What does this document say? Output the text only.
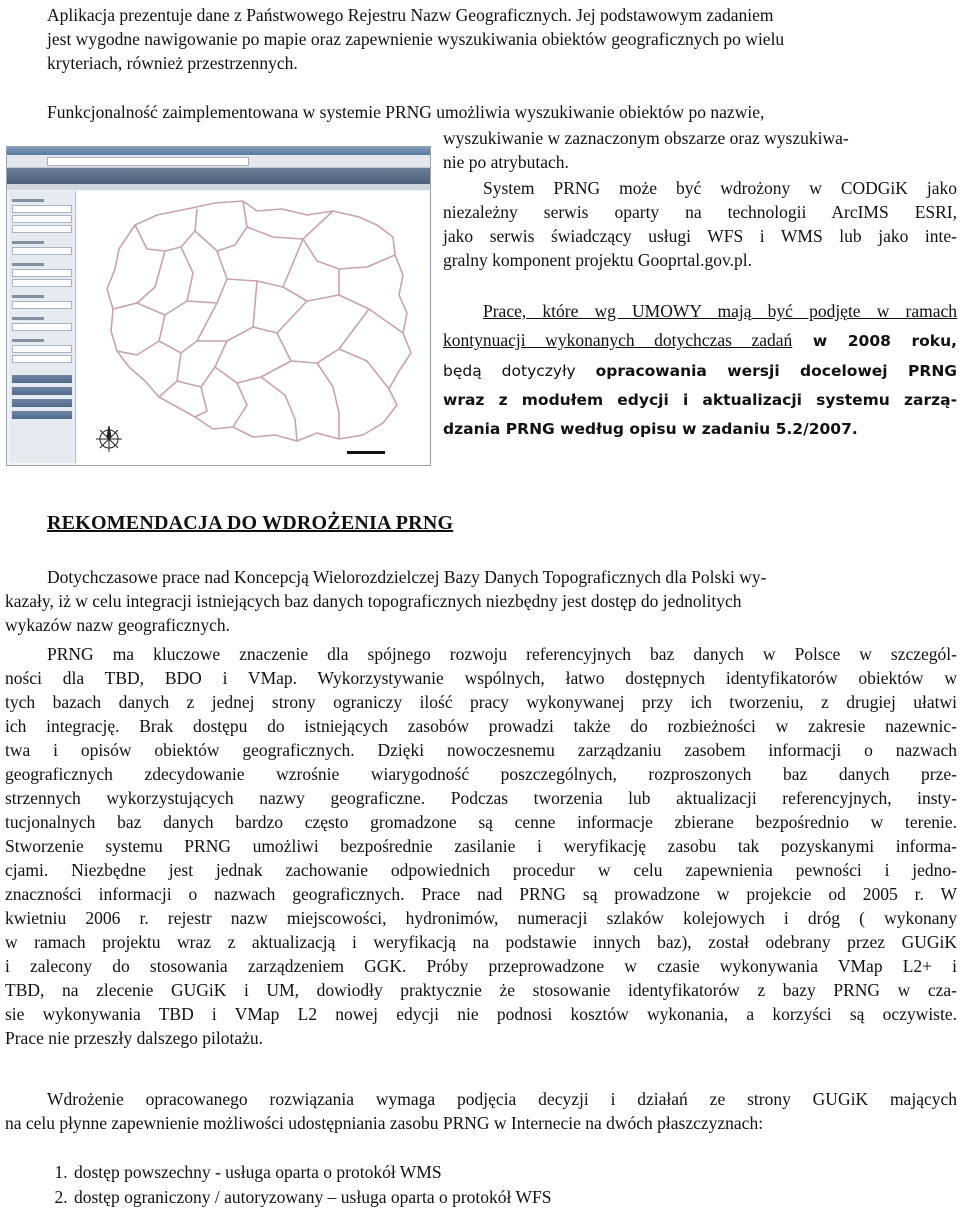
Aplikacja prezentuje dane z Państwowego Rejestru Nazw Geograficznych. Jej podstawowym zadaniem
jest wygodne nawigowanie po mapie oraz zapewnienie wyszukiwania obiektów geograficznych po wielu
kryteriach, również przestrzennych.
Funkcjonalność zaimplementowana w systemie PRNG umożliwia wyszukiwanie obiektów po nazwie,
wyszukiwanie w zaznaczonym obszarze oraz wyszukiwa-
nie po atrybutach.
System PRNG może być wdrożony w CODGiK jako
niezależny serwis oparty na technologii ArcIMS ESRI,
jako serwis świadczący usługi WFS i WMS lub jako inte-
gralny komponent projektu Gooprtal.gov.pl.
Prace, które wg UMOWY mają być podjęte w ramach
kontynuacji wykonanych dotychczas zadań w 2008 roku,
będą dotyczyły opracowania wersji docelowej PRNG
wraz z modułem edycji i aktualizacji systemu zarzą-
dzania PRNG według opisu w zadaniu 5.2/2007.
REKOMENDACJA DO WDROŻENIA PRNG
Dotychczasowe prace nad Koncepcją Wielorozdzielczej Bazy Danych Topograficznych dla Polski wy-
kazały, iż w celu integracji istniejących baz danych topograficznych niezbędny jest dostęp do jednolitych
wykazów nazw geograficznych.
PRNG ma kluczowe znaczenie dla spójnego rozwoju referencyjnych baz danych w Polsce w szczegól-
ności dla TBD, BDO i VMap. Wykorzystywanie wspólnych, łatwo dostępnych identyfikatorów obiektów w
tych bazach danych z jednej strony ograniczy ilość pracy wykonywanej przy ich tworzeniu, z drugiej ułatwi
ich integrację. Brak dostępu do istniejących zasobów prowadzi także do rozbieżności w zakresie nazewnic-
twa i opisów obiektów geograficznych. Dzięki nowoczesnemu zarządzaniu zasobem informacji o nazwach
geograficznych zdecydowanie wzrośnie wiarygodność poszczególnych, rozproszonych baz danych prze-
strzennych wykorzystujących nazwy geograficzne. Podczas tworzenia lub aktualizacji referencyjnych, insty-
tucjonalnych baz danych bardzo często gromadzone są cenne informacje zbierane bezpośrednio w terenie.
Stworzenie systemu PRNG umożliwi bezpośrednie zasilanie i weryfikację zasobu tak pozyskanymi informa-
cjami. Niezbędne jest jednak zachowanie odpowiednich procedur w celu zapewnienia pewności i jedno-
znaczności informacji o nazwach geograficznych. Prace nad PRNG są prowadzone w projekcie od 2005 r. W
kwietniu 2006 r. rejestr nazw miejscowości, hydronimów, numeracji szlaków kolejowych i dróg ( wykonany
w ramach projektu wraz z aktualizacją i weryfikacją na podstawie innych baz), został odebrany przez GUGiK
i zalecony do stosowania zarządzeniem GGK. Próby przeprowadzone w czasie wykonywania VMap L2+ i
TBD, na zlecenie GUGiK i UM, dowiodły praktycznie że stosowanie identyfikatorów z bazy PRNG w cza-
sie wykonywania TBD i VMap L2 nowej edycji nie podnosi kosztów wykonania, a korzyści są oczywiste.
Prace nie przeszły dalszego pilotażu.
Wdrożenie opracowanego rozwiązania wymaga podjęcia decyzji i działań ze strony GUGiK mających
na celu płynne zapewnienie możliwości udostępniania zasobu PRNG w Internecie na dwóch płaszczyznach:
1. dostęp powszechny - usługa oparta o protokół WMS
2. dostęp ograniczony / autoryzowany – usługa oparta o protokół WFS
